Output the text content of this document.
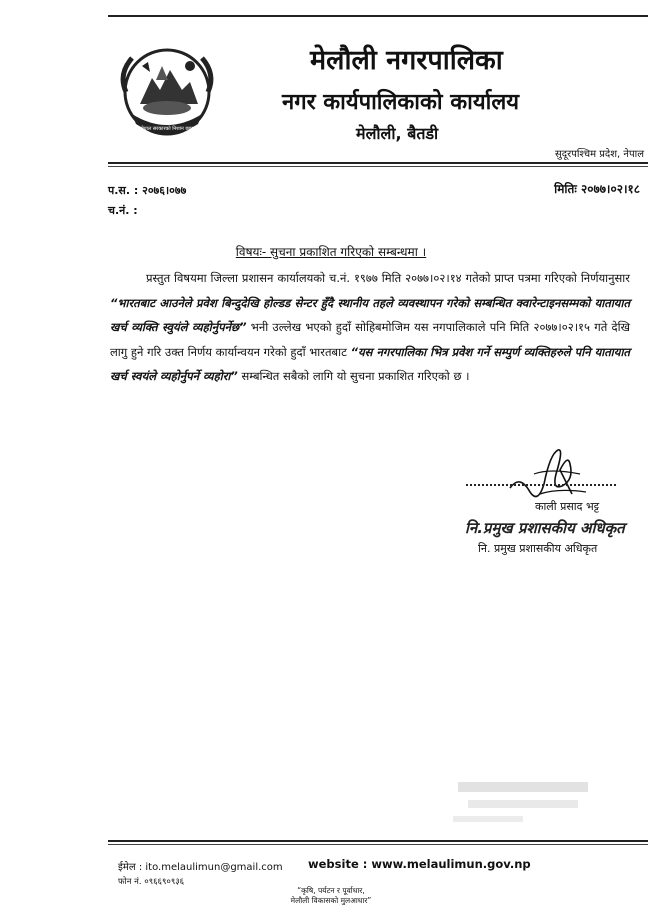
नेपाल सरकारको निशान छाप
मेलौली नगरपालिका
नगर कार्यपालिकाको कार्यालय
मेलौली, बैतडी
सुदूरपश्चिम प्रदेश, नेपाल
प.स. : २०७६।०७७
च.नं. :
मितिः २०७७।०२।१८
विषयः- सुचना प्रकाशित गरिएको सम्बन्धमा ।

प्रस्तुत विषयमा जिल्ला प्रशासन कार्यालयको च.नं. १९७७ मिति २०७७।०२।१४ गतेको प्राप्त पत्रमा गरिएको निर्णयानुसार “भारतबाट आउनेले प्रवेश बिन्दुदेखि होल्डड सेन्टर हुँदै स्थानीय तहले व्यवस्थापन गरेको सम्बन्धित क्वारेन्टाइनसम्मको यातायात खर्च व्यक्ति स्वुयंले व्यहोर्नुपर्नेछ” भनी उल्लेख भएको हुदाँ सोहिबमोजिम यस नगपालिकाले पनि मिति २०७७।०२।१५ गते देखि लागु हुने गरि उक्त निर्णय कार्यान्वयन गरेको हुदाँ भारतबाट “यस नगरपालिका भित्र प्रवेश गर्ने सम्पुर्ण व्यक्तिहरुले पनि यातायात खर्च स्वयंले व्यहोर्नुपर्ने व्यहोरा” सम्बन्धित सबैको लागि यो सुचना प्रकाशित गरिएको छ ।

काली प्रसाद भट्ट
नि.प्रमुख प्रशासकीय अधिकृत
नि. प्रमुख प्रशासकीय अधिकृत
ईमेल : ito.melaulimun@gmail.com website : www.melaulimun.gov.np
फोन नं. ०९६६९०९३६
“कृषि, पर्यटन र पूर्वाधार,
मेलौली विकासको मुलआधार”
